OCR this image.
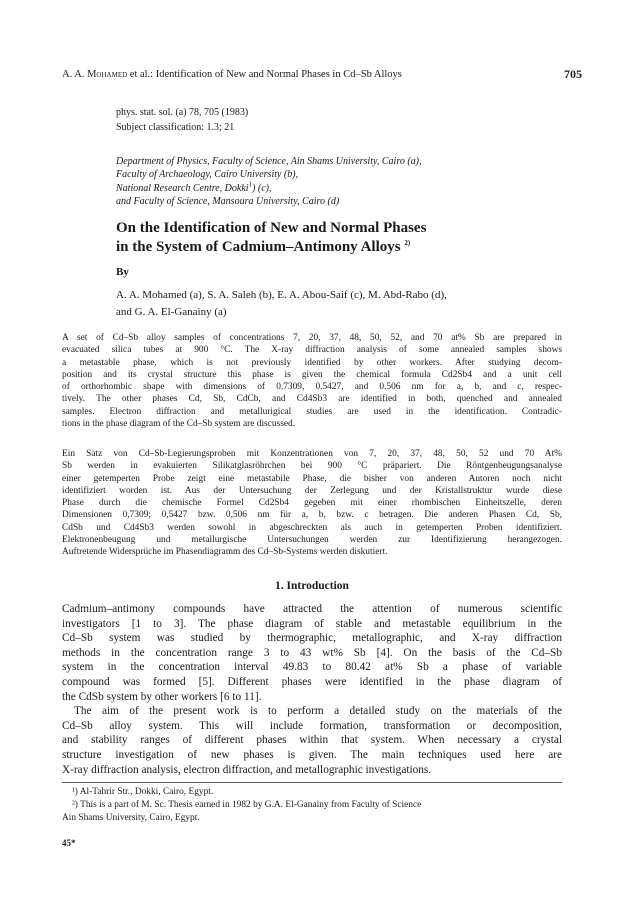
A. A. Mohamed et al.: Identification of New and Normal Phases in Cd–Sb Alloys	705
phys. stat. sol. (a) 78, 705 (1983)
Subject classification: 1.3; 21
Department of Physics, Faculty of Science, Ain Shams University, Cairo (a),
Faculty of Archaeology, Cairo University (b),
National Research Centre, Dokki$^1$) (c),
and Faculty of Science, Mansoura University, Cairo (d)
On the Identification of New and Normal Phases
in the System of Cadmium–Antimony Alloys $^{2)}$
By
A. A. Mohamed (a), S. A. Saleh (b), E. A. Abou-Saif (c), M. Abd-Rabo (d),
and G. A. El-Ganainy (a)
A set of Cd–Sb alloy samples of concentrations 7, 20, 37, 48, 50, 52, and 70 at% Sb are prepared in
evacuated silica tubes at 900 °C. The X-ray diffraction analysis of some annealed samples shows
a metastable phase, which is not previously identified by other workers. After studying decom-
position and its crystal structure this phase is given the chemical formula Cd2Sb4 and a unit cell
of orthorhombic shape with dimensions of 0.7309, 0.5427, and 0.506 nm for a, b, and c, respec-
tively. The other phases Cd, Sb, CdCb, and Cd4Sb3 are identified in both, quenched and annealed
samples. Electron diffraction and metallurigical studies are used in the identification. Contradic-
tions in the phase diagram of the Cd–Sb system are discussed.
Ein Satz von Cd–Sb-Legierungsproben mit Konzentrationen von 7, 20, 37, 48, 50, 52 und 70 At%
Sb werden in evakuierten Silikatglasröhrchen bei 900 °C präpariert. Die Röntgenbeugungsanalyse
einer getemperten Probe zeigt eine metastabile Phase, die bisher von anderen Autoren noch nicht
identifiziert worden ist. Aus der Untersuchung der Zerlegung und der Kristallstruktur wurde diese
Phase durch die chemische Formel Cd2Sb4 gegeben mit einer rhombischen Einheitszelle, deren
Dimensionen 0,7309; 0,5427 bzw. 0,506 nm für a, b, bzw. c betragen. Die anderen Phasen Cd, Sb,
CdSb und Cd4Sb3 werden sowohl in abgeschreckten als auch in getemperten Proben identifiziert.
Elektronenbeugung und metallurgische Untersuchungen werden zur Identifizierung herangezogen.
Auftretende Widersprüche im Phasendiagramm des Cd–Sb-Systems werden diskutiert.
1. Introduction
Cadmium–antimony compounds have attracted the attention of numerous scientific
investigators [1 to 3]. The phase diagram of stable and metastable equilibrium in the
Cd–Sb system was studied by thermographic, metallographic, and X-ray diffraction
methods in the concentration range 3 to 43 wt% Sb [4]. On the basis of the Cd–Sb
system in the concentration interval 49.83 to 80.42 at% Sb a phase of variable
compound was formed [5]. Different phases were identified in the phase diagram of
the CdSb system by other workers [6 to 11].
The aim of the present work is to perform a detailed study on the materials of the
Cd–Sb alloy system. This will include formation, transformation or decomposition,
and stability ranges of different phases within that system. When necessary a crystal
structure investigation of new phases is given. The main techniques used here are
X-ray diffraction analysis, electron diffraction, and metallographic investigations.
¹) Al-Tahrir Str., Dokki, Cairo, Egypt.
²) This is a part of M. Sc. Thesis earned in 1982 by G.A. El-Ganainy from Faculty of Science
Ain Shams University, Cairo, Egypt.
45*
